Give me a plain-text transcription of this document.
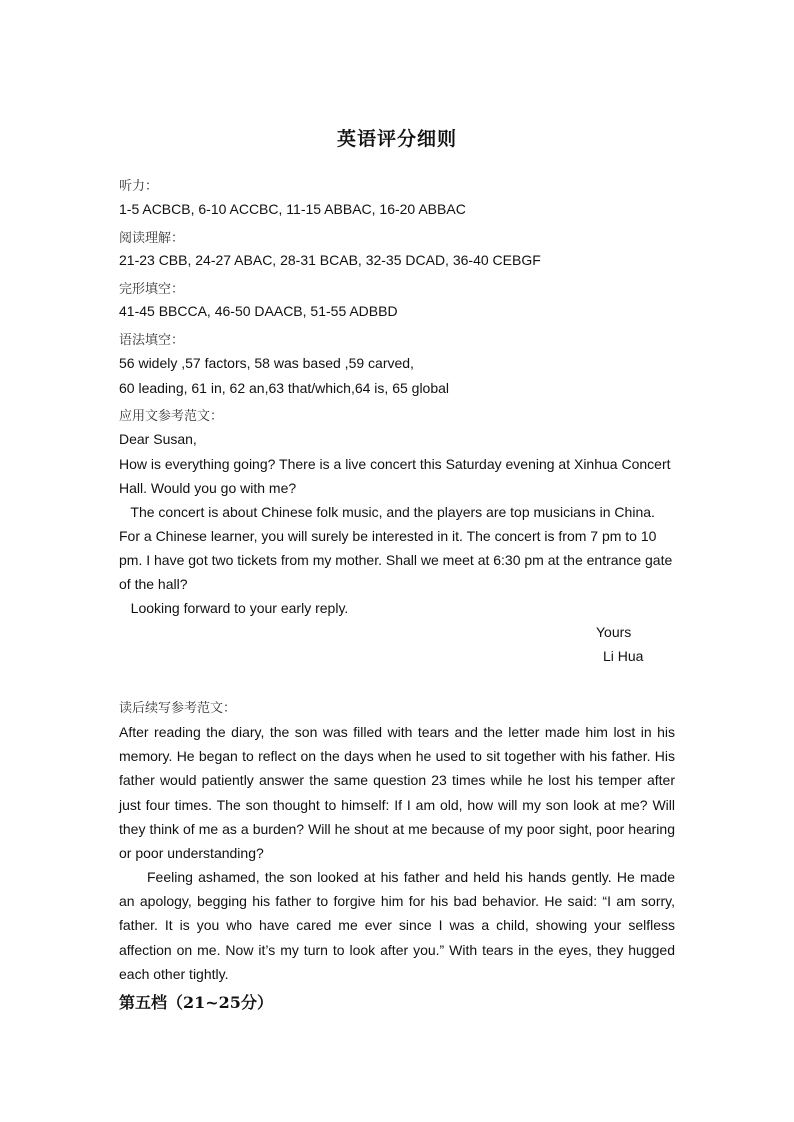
英语评分细则
听力：
1-5 ACBCB, 6-10 ACCBC, 11-15 ABBAC, 16-20 ABBAC
阅读理解：
21-23 CBB, 24-27 ABAC, 28-31 BCAB, 32-35 DCAD, 36-40 CEBGF
完形填空：
41-45 BBCCA, 46-50 DAACB, 51-55 ADBBD
语法填空：
56 widely ,57 factors, 58 was based ,59 carved,
60 leading, 61 in, 62 an,63 that/which,64 is, 65 global
应用文参考范文：
Dear Susan,
How is everything going? There is a live concert this Saturday evening at Xinhua Concert
Hall. Would you go with me?
The concert is about Chinese folk music, and the players are top musicians in China.
For a Chinese learner, you will surely be interested in it. The concert is from 7 pm to 10
pm. I have got two tickets from my mother. Shall we meet at 6:30 pm at the entrance gate
of the hall?
Looking forward to your early reply.
Yours
Li Hua
读后续写参考范文：
After reading the diary, the son was filled with tears and the letter made him lost in his memory. He began to reflect on the days when he used to sit together with his father. His father would patiently answer the same question 23 times while he lost his temper after just four times. The son thought to himself: If I am old, how will my son look at me? Will they think of me as a burden? Will he shout at me because of my poor sight, poor hearing or poor understanding?
Feeling ashamed, the son looked at his father and held his hands gently. He made an apology, begging his father to forgive him for his bad behavior. He said: “I am sorry, father. It is you who have cared me ever since I was a child, showing your selfless affection on me. Now it’s my turn to look after you.” With tears in the eyes, they hugged each other tightly.
第五档（21~25分）
